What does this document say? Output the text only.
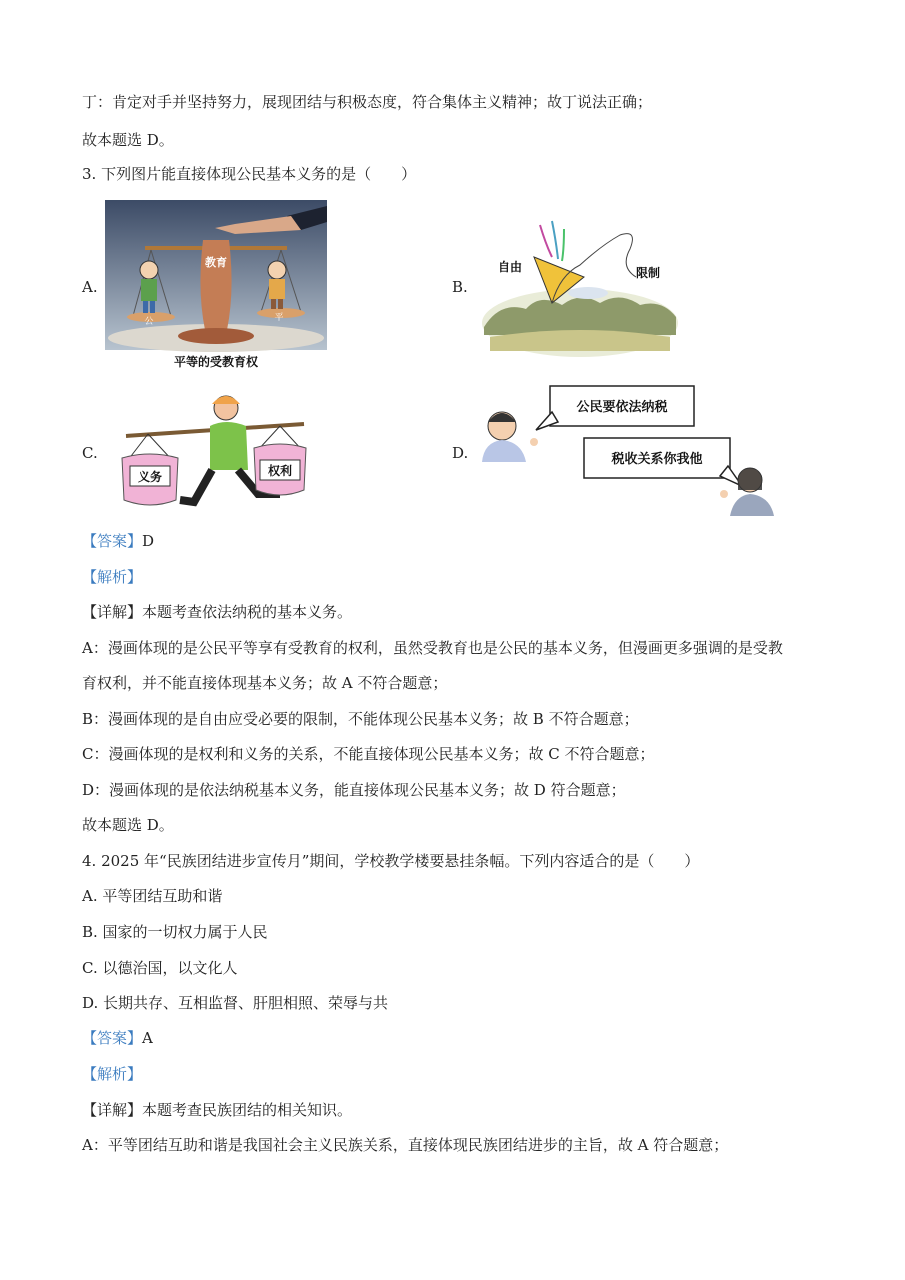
丁：肯定对手并坚持努力，展现团结与积极态度，符合集体主义精神；故丁说法正确；
故本题选 D。
3. 下列图片能直接体现公民基本义务的是（　　）
A.
教育
公	平
平等的受教育权
B.
自由	限制
C.
义务	权利
D.
公民要依法纳税
税收关系你我他
【答案】D
【解析】
【详解】本题考查依法纳税的基本义务。
A：漫画体现的是公民平等享有受教育的权利，虽然受教育也是公民的基本义务，但漫画更多强调的是受教
育权利，并不能直接体现基本义务；故 A 不符合题意；
B：漫画体现的是自由应受必要的限制，不能体现公民基本义务；故 B 不符合题意；
C：漫画体现的是权利和义务的关系，不能直接体现公民基本义务；故 C 不符合题意；
D：漫画体现的是依法纳税基本义务，能直接体现公民基本义务；故 D 符合题意；
故本题选 D。
4. 2025 年“民族团结进步宣传月”期间，学校教学楼要悬挂条幅。下列内容适合的是（　　）
A. 平等团结互助和谐
B. 国家的一切权力属于人民
C. 以德治国，以文化人
D. 长期共存、互相监督、肝胆相照、荣辱与共
【答案】A
【解析】
【详解】本题考查民族团结的相关知识。
A：平等团结互助和谐是我国社会主义民族关系，直接体现民族团结进步的主旨，故 A 符合题意；
